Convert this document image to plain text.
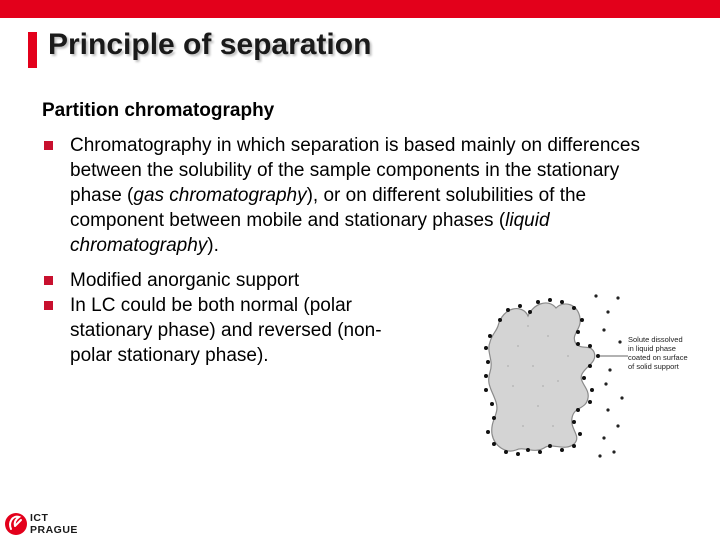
Principle of separation

Partition chromatography

Chromatography in which separation is based mainly on differences between the solubility of the sample components in the stationary phase (gas chromatography), or on different solubilities of the component between mobile and stationary phases (liquid chromatography).
Modified anorganic support
In LC could be both normal (polar stationary phase) and reversed (non-polar stationary phase).
Solute dissolved in liquid phase coated on surface of solid support
ICT
PRAGUE
